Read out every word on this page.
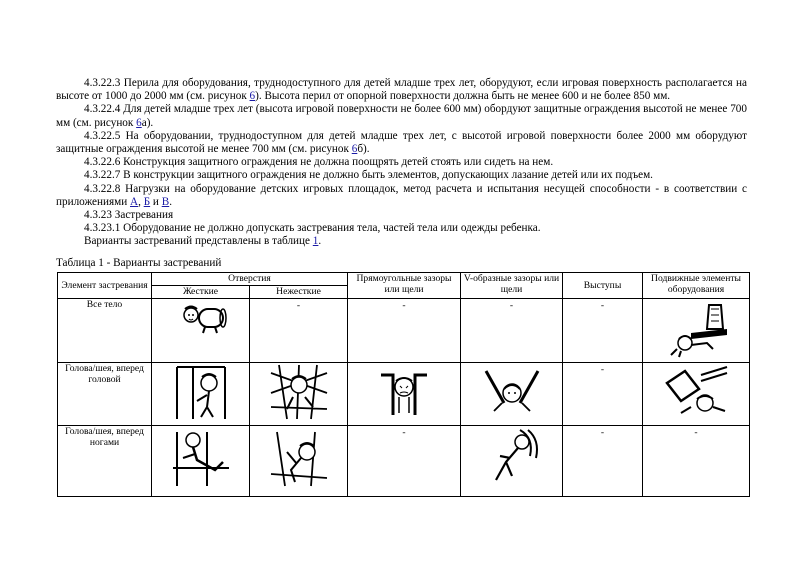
4.3.22.3 Перила для оборудования, труднодоступного для детей младше трех лет, оборудуют, если игровая поверхность располагается на высоте от 1000 до 2000 мм (см. рисунок 6). Высота перил от опорной поверхности должна быть не менее 600 и не более 850 мм.

4.3.22.4 Для детей младше трех лет (высота игровой поверхности не более 600 мм) обордуют защитные ограждения высотой не менее 700 мм (см. рисунок 6а).

4.3.22.5 На оборудовании, труднодоступном для детей младше трех лет, с высотой игровой поверхности более 2000 мм оборудуют защитные ограждения высотой не менее 700 мм (см. рисунок 6б).

4.3.22.6 Конструкция защитного ограждения не должна поощрять детей стоять или сидеть на нем.

4.3.22.7 В конструкции защитного ограждения не должно быть элементов, допускающих лазание детей или их подъем.

4.3.22.8 Нагрузки на оборудование детских игровых площадок, метод расчета и испытания несущей способности - в соответствии с приложениями А, Б и В.

4.3.23 Застревания

4.3.23.1 Оборудование не должно допускать застревания тела, частей тела или одежды ребенка.

Варианты застреваний представлены в таблице 1.

Таблица 1 - Варианты застреваний
Элемент застревания	Отверстия		Прямоугольные зазоры или щели	V-образные зазоры или щели	Выступы	Подвижные элементы оборудования
	Жесткие	Нежесткие				
Все тело		-	-	-	-

Голова/шея, вперед головой					-

Голова/шея, вперед ногами			-		-	-
